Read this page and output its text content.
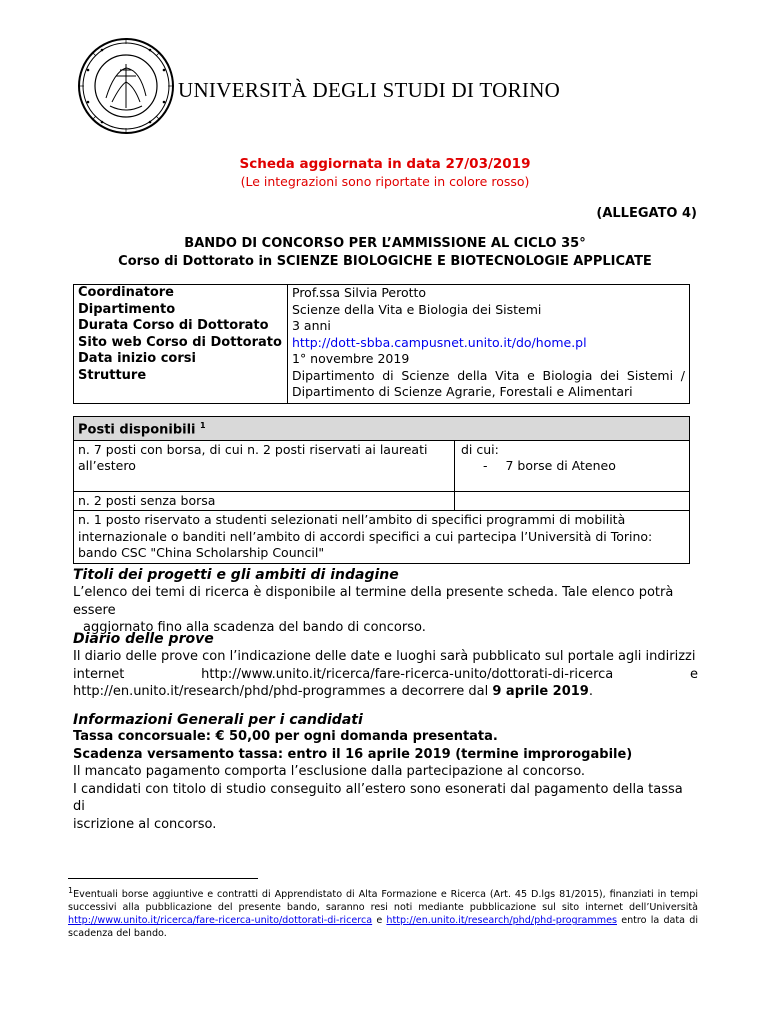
UNIVERSITÀ DEGLI STUDI DI TORINO
Scheda aggiornata in data 27/03/2019
(Le integrazioni sono riportate in colore rosso)
(ALLEGATO 4)
BANDO DI CONCORSO PER L’AMMISSIONE AL CICLO 35°
Corso di Dottorato in SCIENZE BIOLOGICHE E BIOTECNOLOGIE APPLICATE
Coordinatore	Prof.ssa Silvia Perotto
Dipartimento	Scienze della Vita e Biologia dei Sistemi
Durata Corso di Dottorato	3 anni
Sito web Corso di Dottorato	http://dott-sbba.campusnet.unito.it/do/home.pl
Data inizio corsi	1° novembre 2019
Strutture	Dipartimento di Scienze della Vita e Biologia dei Sistemi / Dipartimento di Scienze Agrarie, Forestali e Alimentari
Posti disponibili $^1$
n. 7 posti con borsa, di cui n. 2 posti riservati ai laureati all’estero	di cui:
- 7 borse di Ateneo

n. 2 posti senza borsa	
n. 1 posto riservato a studenti selezionati nell’ambito di specifici programmi di mobilità internazionale o banditi nell’ambito di accordi specifici a cui partecipa l’Università di Torino: bando CSC "China Scholarship Council"	
Titoli dei progetti e gli ambiti di indagine
L’elenco dei temi di ricerca è disponibile al termine della presente scheda. Tale elenco potrà essere
aggiornato fino alla scadenza del bando di concorso.
Diario delle prove
Il diario delle prove con l’indicazione delle date e luoghi sarà pubblicato sul portale agli indirizzi
internet	http://www.unito.it/ricerca/fare-ricerca-unito/dottorati-di-ricerca	e
http://en.unito.it/research/phd/phd-programmes a decorrere dal 9 aprile 2019.
Informazioni Generali per i candidati
Tassa concorsuale: € 50,00 per ogni domanda presentata.
Scadenza versamento tassa: entro il 16 aprile 2019 (termine improrogabile)
Il mancato pagamento comporta l’esclusione dalla partecipazione al concorso.
I candidati con titolo di studio conseguito all’estero sono esonerati dal pagamento della tassa di
iscrizione al concorso.
$^1$Eventuali borse aggiuntive e contratti di Apprendistato di Alta Formazione e Ricerca (Art. 45 D.lgs 81/2015), finanziati in tempi successivi alla pubblicazione del presente bando, saranno resi noti mediante pubblicazione sul sito internet dell’Università http://www.unito.it/ricerca/fare-ricerca-unito/dottorati-di-ricerca e http://en.unito.it/research/phd/phd-programmes entro la data di scadenza del bando.
